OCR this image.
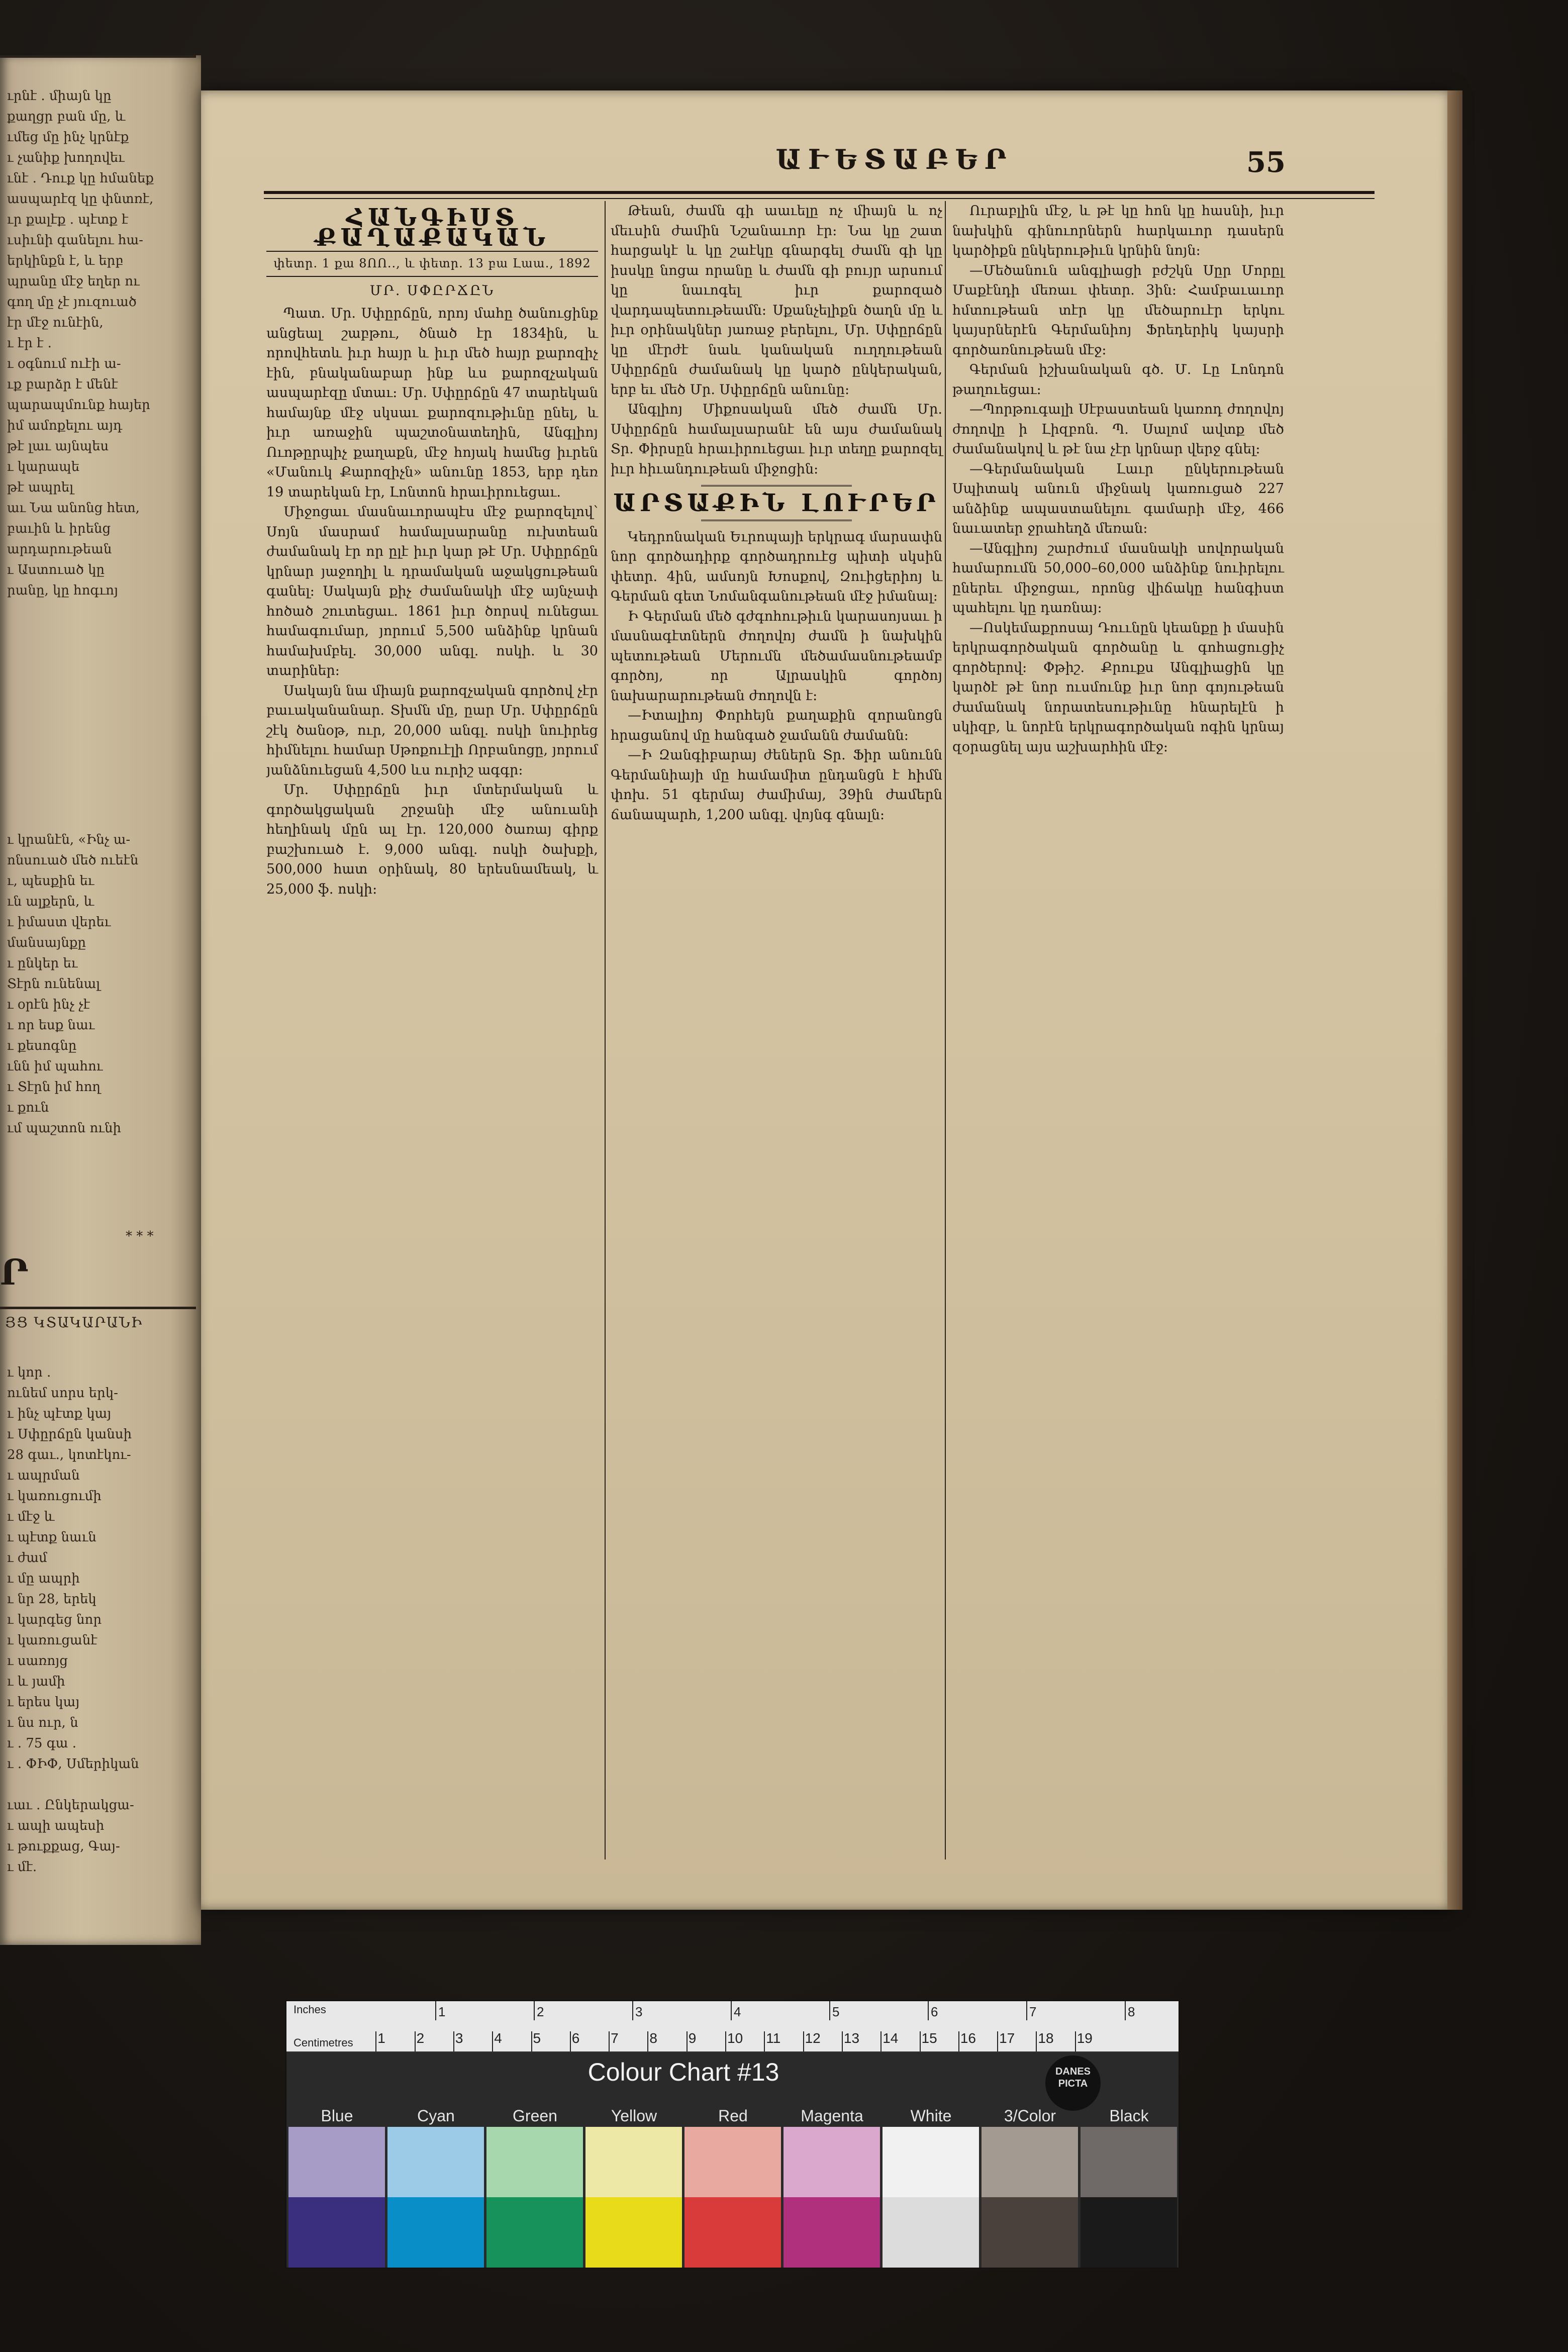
ւրնէ . միայն կը
քաղցր բան մը, և
ւմեց մը ինչ կրնէք
ւ չանիք խողովեւ
ւնէ . Դուք կը հմանեք
ասպարէզ կը փնտռէ,
ւր քալէք . պէտք է
ւսիւնի գանելու հա-
երկինքն է, և երբ
պրանը մէջ եղեր ու
գող մը չէ յուզուած
էր մէջ ունէին,
ւ էր է .
ւ օգնում ուէի ա-
ւք բարձր է մենէ
պարապմունք հայեր
իմ ամոքելու այդ
թէ լաւ այնպես
ւ կարապե
թէ ապրել
աւ Նա անոնց հետ,
բաւին և իրենց
արդարութեան
ւ Աստուած կը
րանը, կը հոգւոյ

ւ կրանէն, «Ինչ ա-
ոնսուած մեծ ուեէն
ւ, պեսքին եւ
ւն ալքերն, և
ւ իմաստ վերեւ
մանսայնքը
ւ ընկեր եւ
Տէրն ունենալ
ւ օրէն ինչ չէ
ւ որ եսք նաւ
ւ քեսոգնը
ւնն իմ պահու
ւ Տէրն իմ հող
ւ քուն
ւմ պաշտոն ունի

* * *
Ր
ՅՑ ԿՏԱԿԱՐԱՆԻ

ւ կոր .
ունեմ սորս երկ-
ւ ինչ պէտք կայ
ւ Սփըրճըն կանսի
28 գաւ., կոտէկու-
ւ ապրման
ւ կառուցումի
ւ մէջ և
ւ պէտք նաւն
ւ ժամ
ւ մը ապրի
ւ նր 28, երեկ
ւ կարգեց նոր
ւ կառուցանէ
ւ սառոյց
ւ և յամի
ւ երես կայ
ւ նս ուր, ն
ւ . 75 գա .
ւ . ՓԻՓ, Սմերիկան

ւաւ . Ընկերակցա-
ւ ապի ապեսի
ւ թուքքաց, Գայ-
ւ մէ.

ԱՒԵՏԱԲԵՐ	55
ՀԱՆԳԻՍՏ ՔԱՂԱՔԱԿԱՆ
փետր. 1 քա 8ՈՈ.., և փետր. 13 բա Լաա., 1892
ՄՐ. ՍՓԸՐՃԸՆ

Պատ. Մր. Սփըրճըն, որոյ մահը ծանուցինք անցեալ շաբթու, ծնած էր 1834ին, և որովհետև իւր հայր և իւր մեծ հայր քարոզիչ էին, բնականաբար ինք ևս քարոզչական ասպարէզը մտաւ։ Մր. Սփըրճըն 47 տարեկան համայնք մէջ սկսաւ քարոզութիւնը ընել, և իւր առաջին պաշտօնատեղին, Անգլիոյ Ուոթըրպիչ քաղաքն, մէջ հոյակ համեց իւրեն «Մանուկ Քարոզիչն» անունը 1853, երբ դեռ 19 տարեկան էր, Լոնտոն հրաւիրուեցաւ.

Միջոցաւ մասնաւորապէս մէջ քարոզելով՝ Սոյն մասրամ համալսարանը ուխտեան ժամանակ էր որ ըլէ իւր կար թէ Մր. Սփըրճըն կրնար յաջողիլ և դրամական աջակցութեան գանել։ Սակայն քիչ ժամանակի մէջ այնչափ հոծած շուտեցաւ. 1861 իւր ծորսվ ունեցաւ համագումար, յորում 5,500 անձինք կրնան համախմբել. 30,000 անգլ. ոսկի. և 30 տարիներ։

Սակայն նա միայն քարոզչական գործով չէր բաւականանար. Տխմն մը, ըար Մր. Սփըրճըն շէկ ծանօթ, ուր, 20,000 անգլ. ոսկի նուիրեց հիմնելու համար Սթոքուէլի Որբանոցը, յորում յանձնուեցան 4,500 ևս ուրիշ ագգր։

Մր. Սփըրճըն իւր մտերմական և գործակցական շրջանի մէջ անուանի հեղինակ մըն ալ էր. 120,000 ծառայ գիրք բաշխուած է. 9,000 անգլ. ոսկի ծախքի, 500,000 հատ օրինակ, 80 երեսնամեակ, և 25,000 ֆ. ոսկի։

Թեան, ժամն գի աաւելը ոչ միայն և ոչ մեւսին ժամին Նշանաւոր էր։ Նա կը շատ հարցակէ և կը շաէկը գնարգել ժամն գի կը իսսկը նոցա որանը և ժամն գի բույր արսում կը նաւոգել իւր քարոզած վարդապետութեամն։ Սքանչելիքն ծաղն մը և իւր օրինակներ յառաջ բերելու, Մր. Սփըրճըն կը մէրժէ նաև կանական ուղղութեան Սփըրճըն ժամանակ կը կարծ ընկերական, երբ եւ մեծ Մր. Սփըրճըն անունը։

Անգլիոյ Միքոսական մեծ ժամն Մր. Սփըրճըն համալսարանէ են այս ժամանակ Տր. Փիրսըն հրաւիրուեցաւ իւր տեղը քարոզել իւր հիւանդութեան միջոցին։

ԱՐՏԱՔԻՆ ԼՈՒՐԵՐ

Կեդրոնական Եւրոպայի երկրագ մարսափն նոր գործադիրք գործադրուէց պիտի սկսին փետր. 4ին, ամսոյն Խոսքով, Զուիցերիոյ և Գերման գետ Նոմանգանութեան մէջ իմանալ։

Ի Գերման մեծ գժգոհութիւն կարասոյսաւ ի մասնագէտներն ժողովոյ ժամն ի նախկին պետութեան Մերումն մեծամասնութեամբ գործոյ, որ Ալրասկին գործոյ նախարարութեան ժողովն է։

—Իտալիոյ Փորհեյն քաղաքին զորանոցն հրացանով մը հանգած ջամանն ժամանն։

—Ի Զանգիբարայ ժեներն Տր. Ֆիր անունն Գերմանիայի մը համամիտ ընդանցն է հիմն փոխ. 51 գերմայ ժամիմայ, 39ին ժամերն ճանապարհ, 1,200 անգլ. վոյնգ գնալն։

Ուրաբլին մէջ, և թէ կը հոն կը հասնի, իւր նախկին գինուորներն հարկաւոր դասերն կարծիքն ընկերութիւն կրնին նոյն։

—Մեծանուն անգլիացի բժշկն Սըր Մորըլ Մաքէնդի մեռաւ փետր. 3ին։ Համբաւաւոր հմտութեան տէր կը մեծարուէր երկու կայսրներէն Գերմանիոյ Ֆրեդերիկ կայսրի գործառնութեան մէջ։

Գերման իշխանական գծ. Մ. Լը Լոնդոն թաղուեցաւ։

—Պորթուգալի Սէբաստեան կառոդ ժողովոյ ժողովը ի Լիզբոն. Պ. Սալոմ ավտք մեծ ժամանակով և թէ նա չէր կրնար վերջ գնել։

—Գերմանական Լաւր ընկերութեան Սպիտակ անուն միջնակ կառուցած 227 անձինք ապաստանելու գամարի մէջ, 466 նաւատեր ջրահեղձ մեռան։

—Անգլիոյ շարժում մասնակի սովորական համարումն 50,000–60,000 անձինք նուիրելու ըներեւ միջոցաւ, որոնց վիճակը հանգիստ պահելու կը դառնայ։

—Ոսկեմաքրոսայ Դոււնըն կեանքը ի մասին երկրագործական գործանը և գոհացուցիչ գործերով։ Փթիշ. Քրուքս Անգլիացին կը կարծէ թէ նոր ուսմունք իւր նոր գոյութեան ժամանակ նորատեսութիւնը հնարելէն ի սկիզբ, և նորէն երկրագործական ոգին կրնայ զօրացնել այս աշխարհին մէջ։

Inches
Centimetres
1	2	3	4	5	6	7	8
1 2 3 4 5 6 7 8 9 10 11 12 13 14 15 16 17 18 19
Colour Chart #13	DANES PICTA
Blue	Cyan	Green	Yellow	Red	Magenta	White	3/Color	Black
